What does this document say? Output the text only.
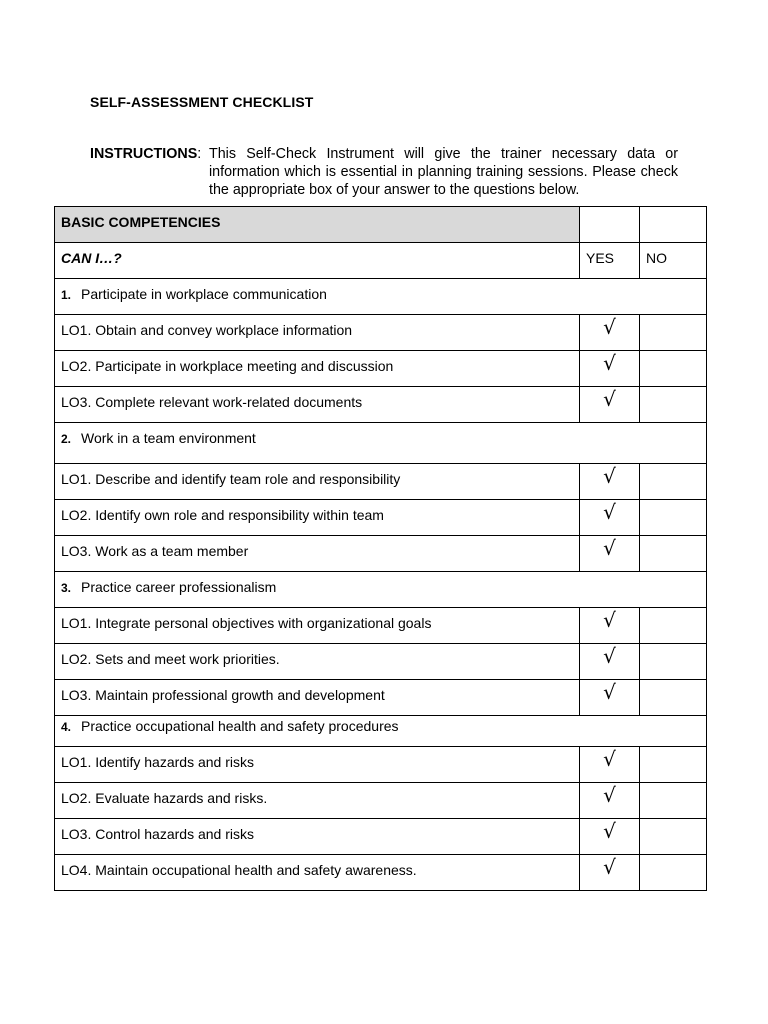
SELF-ASSESSMENT CHECKLIST
INSTRUCTIONS: This Self-Check Instrument will give the trainer necessary data or information which is essential in planning training sessions. Please check the appropriate box of your answer to the questions below.
BASIC COMPETENCIES		

CAN I…?	YES	NO

1. Participate in workplace communication		

LO1. Obtain and convey workplace information	√	

LO2. Participate in workplace meeting and discussion	√	

LO3. Complete relevant work-related documents	√	

2. Work in a team environment		

LO1. Describe and identify team role and responsibility	√	

LO2. Identify own role and responsibility within team	√	

LO3. Work as a team member	√	

3. Practice career professionalism		

LO1. Integrate personal objectives with organizational goals	√	

LO2. Sets and meet work priorities.	√	

LO3. Maintain professional growth and development	√	

4. Practice occupational health and safety procedures		

LO1. Identify hazards and risks	√	

LO2. Evaluate hazards and risks.	√	

LO3. Control hazards and risks	√	

LO4. Maintain occupational health and safety awareness.	√	
